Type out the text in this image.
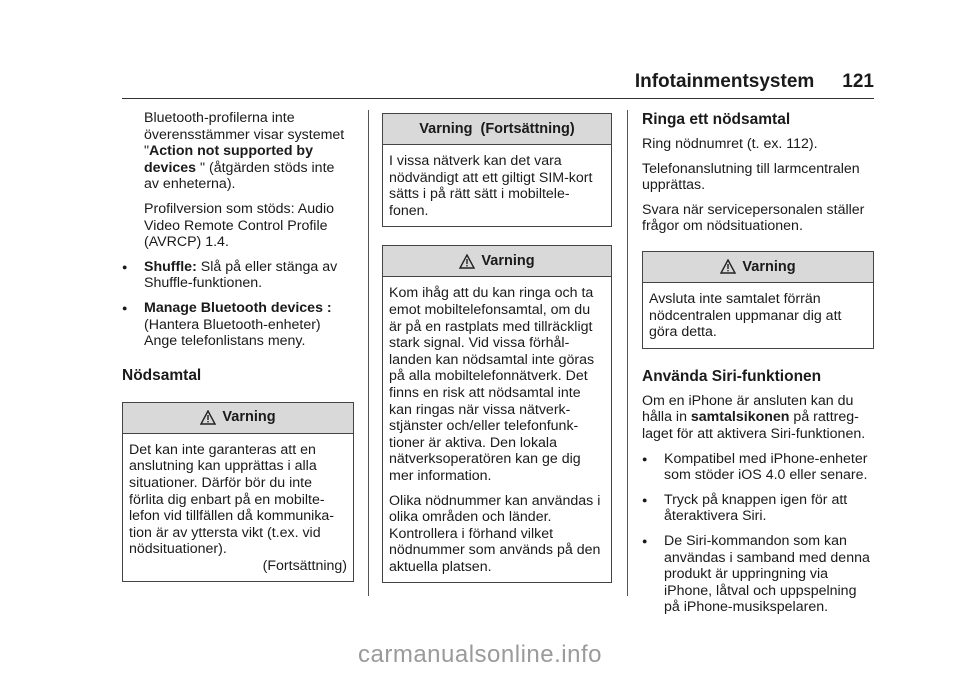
Infotainmentsystem 121

Bluetooth-profilerna inte

överensstämmer visar systemet

"Action not supported by

devices " (åtgärden stöds inte

av enheterna).

Profilversion som stöds: Audio

Video Remote Control Profile

(AVRCP) 1.4.

●	Shuffle: Slå på eller stänga av

Shuffle-funktionen.

●	Manage Bluetooth devices :

(Hantera Bluetooth-enheter)

Ange telefonlistans meny.

Nödsamtal
Varning

Det kan inte garanteras att en

anslutning kan upprättas i alla

situationer. Därför bör du inte

förlita dig enbart på en mobilte-

lefon vid tillfällen då kommunika-

tion är av yttersta vikt (t.ex. vid

nödsituationer).

(Fortsättning)

Varning  (Fortsättning)

I vissa nätverk kan det vara

nödvändigt att ett giltigt SIM-kort

sätts i på rätt sätt i mobiltele-

fonen.

Varning

Kom ihåg att du kan ringa och ta

emot mobiltelefonsamtal, om du

är på en rastplats med tillräckligt

stark signal. Vid vissa förhål-

landen kan nödsamtal inte göras

på alla mobiltelefonnätverk. Det

finns en risk att nödsamtal inte

kan ringas när vissa nätverk-

stjänster och/eller telefonfunk-

tioner är aktiva. Den lokala

nätverksoperatören kan ge dig

mer information.

Olika nödnummer kan användas i

olika områden och länder.

Kontrollera i förhand vilket

nödnummer som används på den

aktuella platsen.

Ringa ett nödsamtal

Ring nödnumret (t. ex. 112).

Telefonanslutning till larmcentralen

upprättas.

Svara när servicepersonalen ställer

frågor om nödsituationen.

Varning

Avsluta inte samtalet förrän

nödcentralen uppmanar dig att

göra detta.

Använda Siri-funktionen

Om en iPhone är ansluten kan du

hålla in samtalsikonen på rattreg-

laget för att aktivera Siri-funktionen.

●	Kompatibel med iPhone-enheter

som stöder iOS 4.0 eller senare.

●	Tryck på knappen igen för att

återaktivera Siri.

●	De Siri-kommandon som kan

användas i samband med denna

produkt är uppringning via

iPhone, låtval och uppspelning

på iPhone-musikspelaren.

carmanualsonline.info
